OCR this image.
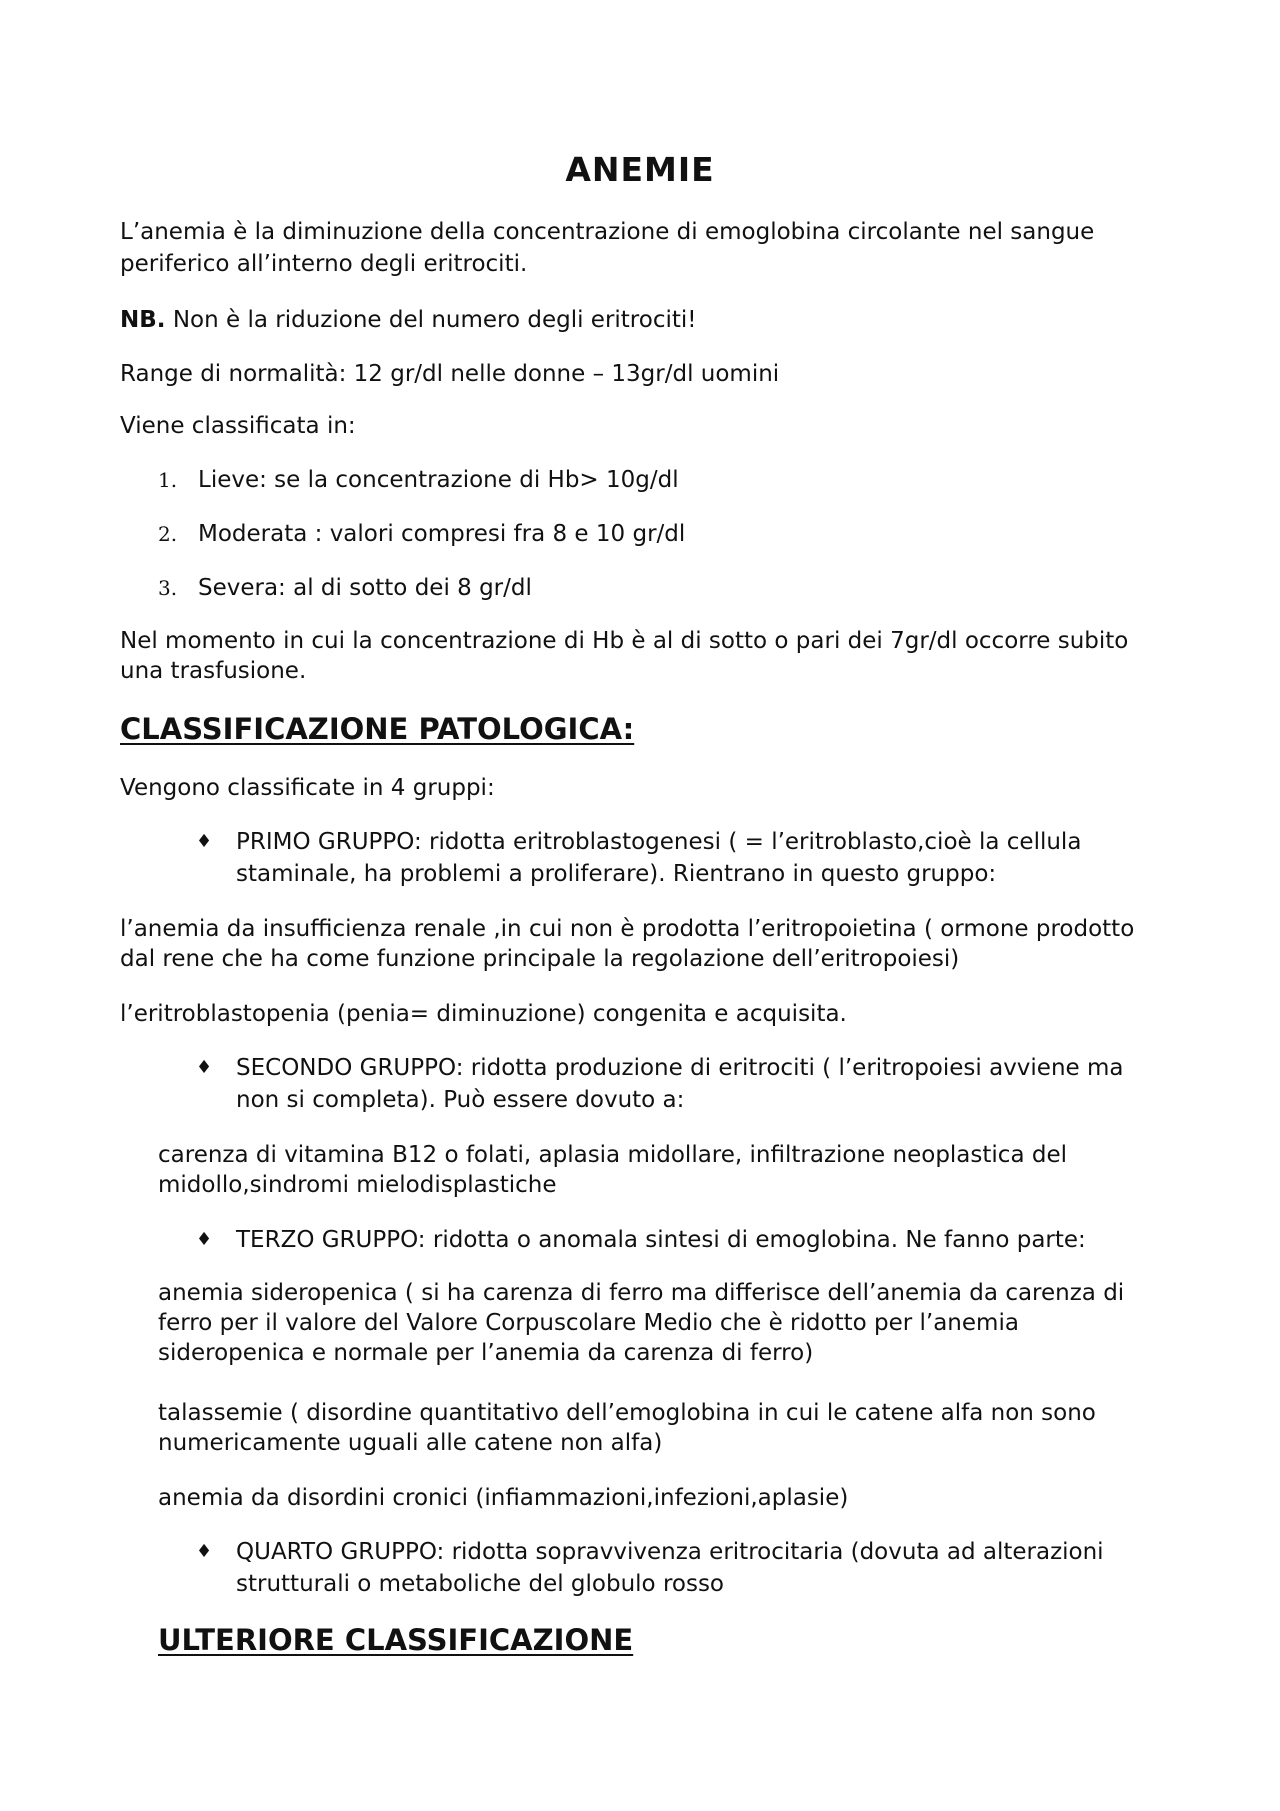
ANEMIE

L’anemia è la diminuzione della concentrazione di emoglobina circolante nel sangue periferico all’interno degli eritrociti.

NB. Non è la riduzione del numero degli eritrociti!

Range di normalità: 12 gr/dl nelle donne – 13gr/dl uomini

Viene classificata in:

1. Lieve: se la concentrazione di Hb> 10g/dl
2. Moderata : valori compresi fra 8 e 10 gr/dl
3. Severa: al di sotto dei 8 gr/dl

Nel momento in cui la concentrazione di Hb è al di sotto o pari dei 7gr/dl occorre subito una trasfusione.

CLASSIFICAZIONE PATOLOGICA:

Vengono classificate in 4 gruppi:

♦ PRIMO GRUPPO: ridotta eritroblastogenesi ( = l’eritroblasto,cioè la cellula staminale, ha problemi a proliferare). Rientrano in questo gruppo:

l’anemia da insufficienza renale ,in cui non è prodotta l’eritropoietina ( ormone prodotto dal rene che ha come funzione principale la regolazione dell’eritropoiesi)

l’eritroblastopenia (penia= diminuzione) congenita e acquisita.

♦ SECONDO GRUPPO: ridotta produzione di eritrociti ( l’eritropoiesi avviene ma non si completa). Può essere dovuto a:

carenza di vitamina B12 o folati, aplasia midollare, infiltrazione neoplastica del midollo,sindromi mielodisplastiche

♦ TERZO GRUPPO: ridotta o anomala sintesi di emoglobina. Ne fanno parte:

anemia sideropenica ( si ha carenza di ferro ma differisce dell’anemia da carenza di ferro per il valore del Valore Corpuscolare Medio che è ridotto per l’anemia sideropenica e normale per l’anemia da carenza di ferro)

talassemie ( disordine quantitativo dell’emoglobina in cui le catene alfa non sono numericamente uguali alle catene non alfa)

anemia da disordini cronici (infiammazioni,infezioni,aplasie)

♦ QUARTO GRUPPO: ridotta sopravvivenza eritrocitaria (dovuta ad alterazioni strutturali o metaboliche del globulo rosso
ULTERIORE CLASSIFICAZIONE
